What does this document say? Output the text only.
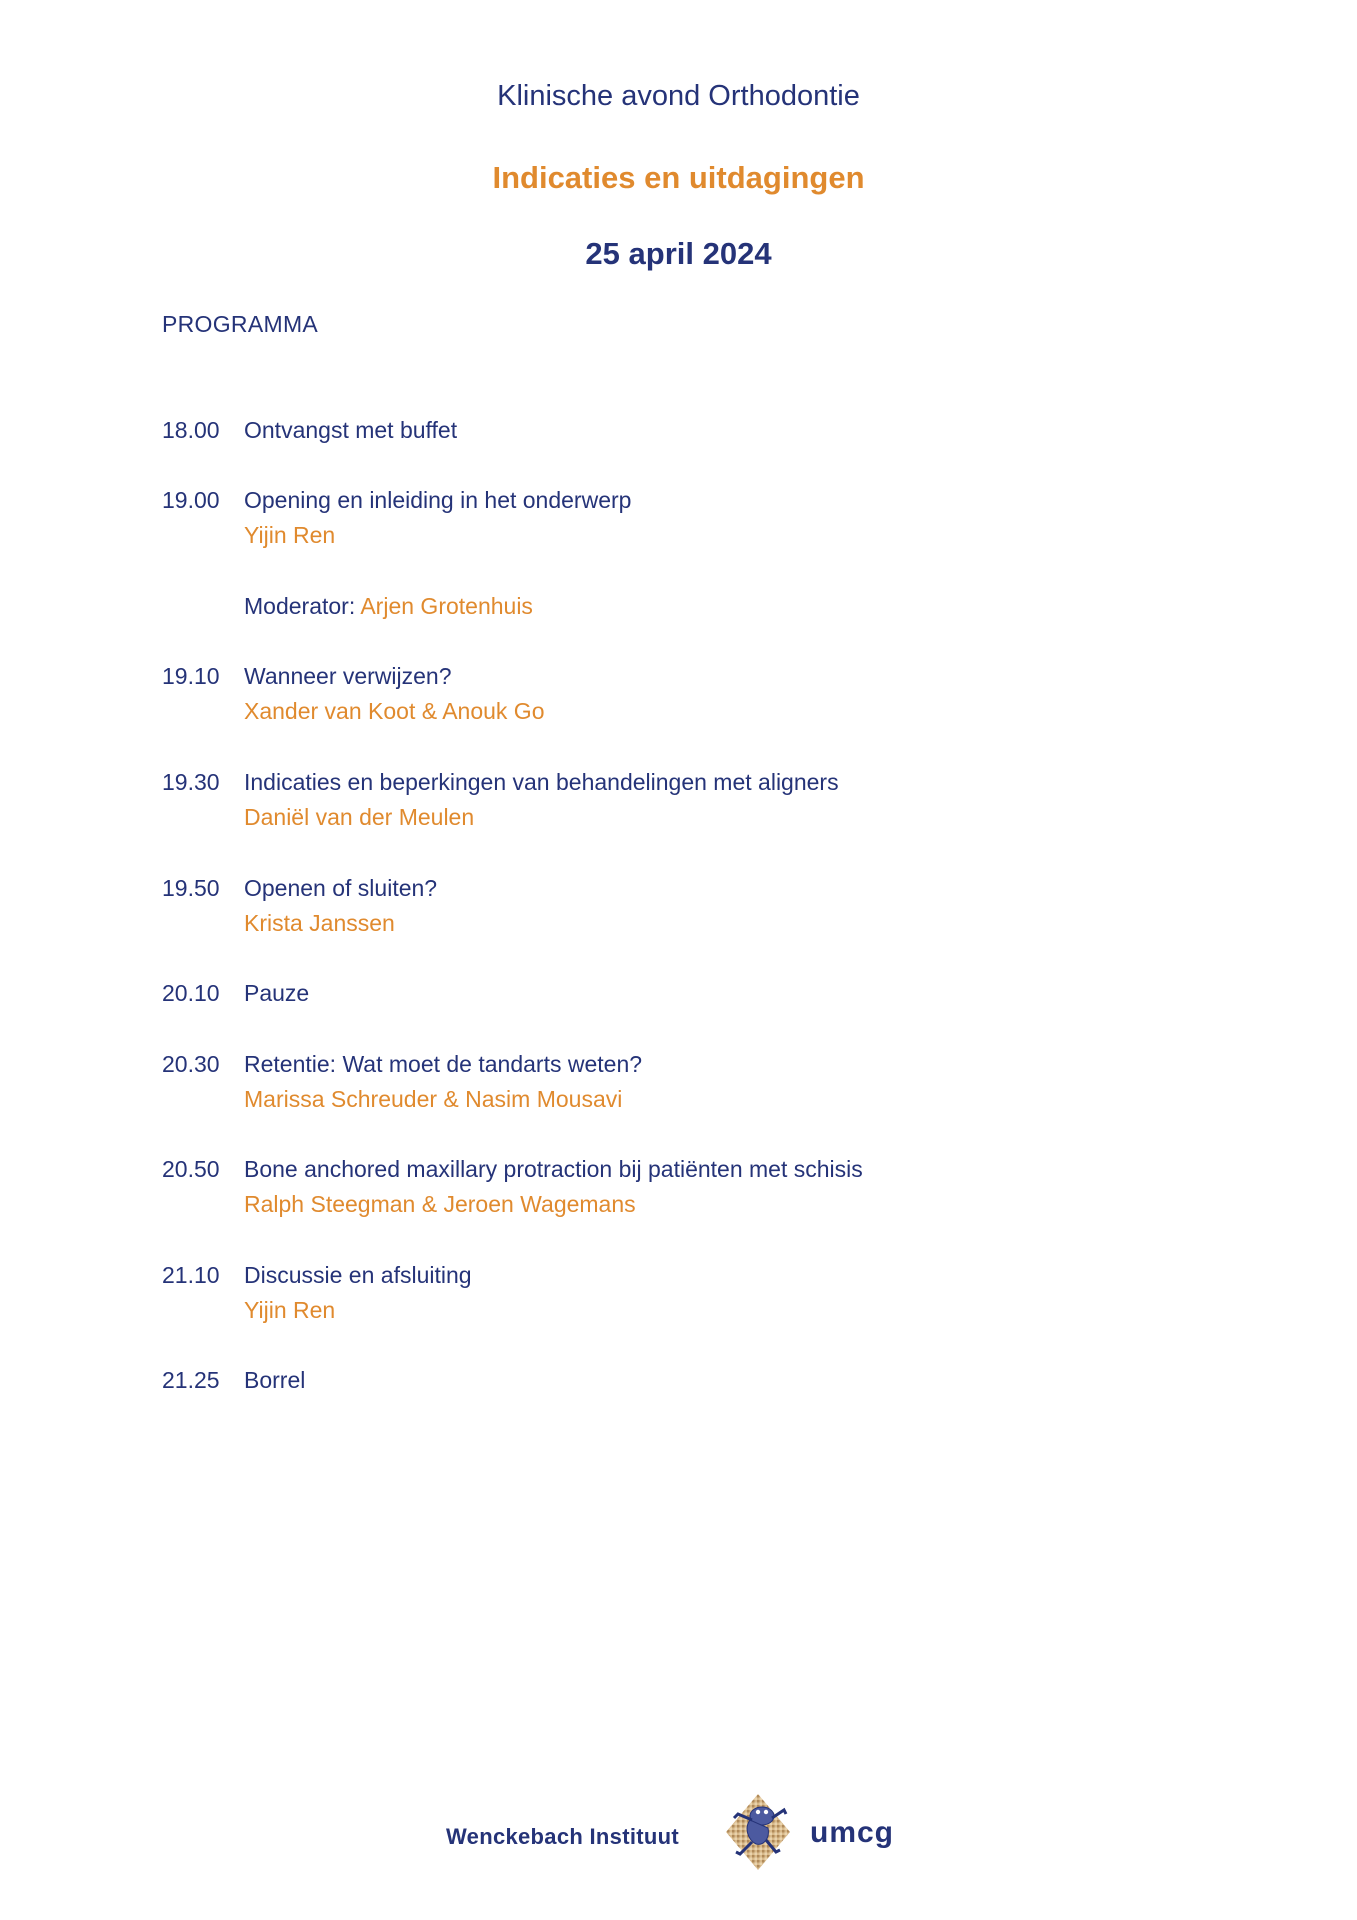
Klinische avond Orthodontie
Indicaties en uitdagingen
25 april 2024
PROGRAMMA
18.00	Ontvangst met buffet
19.00	Opening en inleiding in het onderwerp
Yijin Ren
Moderator: Arjen Grotenhuis
19.10	Wanneer verwijzen?
Xander van Koot & Anouk Go
19.30	Indicaties en beperkingen van behandelingen met aligners
Daniël van der Meulen
19.50	Openen of sluiten?
Krista Janssen
20.10	Pauze
20.30	Retentie: Wat moet de tandarts weten?
Marissa Schreuder & Nasim Mousavi
20.50	Bone anchored maxillary protraction bij patiënten met schisis
Ralph Steegman & Jeroen Wagemans
21.10	Discussie en afsluiting
Yijin Ren
21.25	Borrel
Wenckebach Instituut	umcg
